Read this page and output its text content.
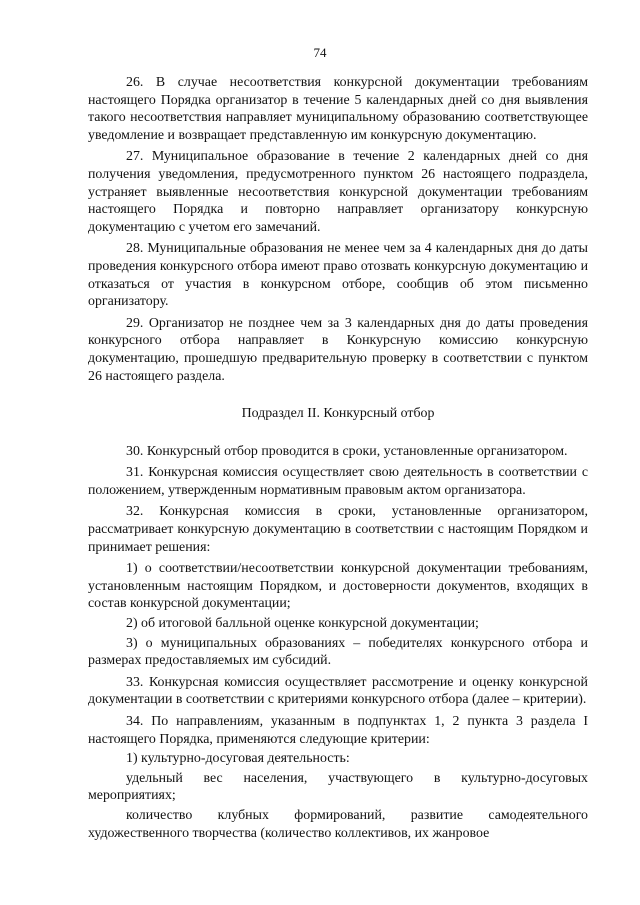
74

26. В случае несоответствия конкурсной документации требованиям настоящего Порядка организатор в течение 5 календарных дней со дня выявления такого несоответствия направляет муниципальному образованию соответствующее уведомление и возвращает представленную им конкурсную документацию.

27. Муниципальное образование в течение 2 календарных дней со дня получения уведомления, предусмотренного пунктом 26 настоящего подраздела, устраняет выявленные несоответствия конкурсной документации требованиям настоящего Порядка и повторно направляет организатору конкурсную документацию с учетом его замечаний.

28. Муниципальные образования не менее чем за 4 календарных дня до даты проведения конкурсного отбора имеют право отозвать конкурсную документацию и отказаться от участия в конкурсном отборе, сообщив об этом письменно организатору.

29. Организатор не позднее чем за 3 календарных дня до даты проведения конкурсного отбора направляет в Конкурсную комиссию конкурсную документацию, прошедшую предварительную проверку в соответствии с пунктом 26 настоящего раздела.

Подраздел II. Конкурсный отбор

30. Конкурсный отбор проводится в сроки, установленные организатором.

31. Конкурсная комиссия осуществляет свою деятельность в соответствии с положением, утвержденным нормативным правовым актом организатора.

32. Конкурсная комиссия в сроки, установленные организатором, рассматривает конкурсную документацию в соответствии с настоящим Порядком и принимает решения:

1) о соответствии/несоответствии конкурсной документации требованиям, установленным настоящим Порядком, и достоверности документов, входящих в состав конкурсной документации;

2) об итоговой балльной оценке конкурсной документации;

3) о муниципальных образованиях – победителях конкурсного отбора и размерах предоставляемых им субсидий.

33. Конкурсная комиссия осуществляет рассмотрение и оценку конкурсной документации в соответствии с критериями конкурсного отбора (далее – критерии).

34. По направлениям, указанным в подпунктах 1, 2 пункта 3 раздела I настоящего Порядка, применяются следующие критерии:

1) культурно-досуговая деятельность:

удельный вес населения, участвующего в культурно-досуговых мероприятиях;

количество клубных формирований, развитие самодеятельного художественного творчества (количество коллективов, их жанровое
